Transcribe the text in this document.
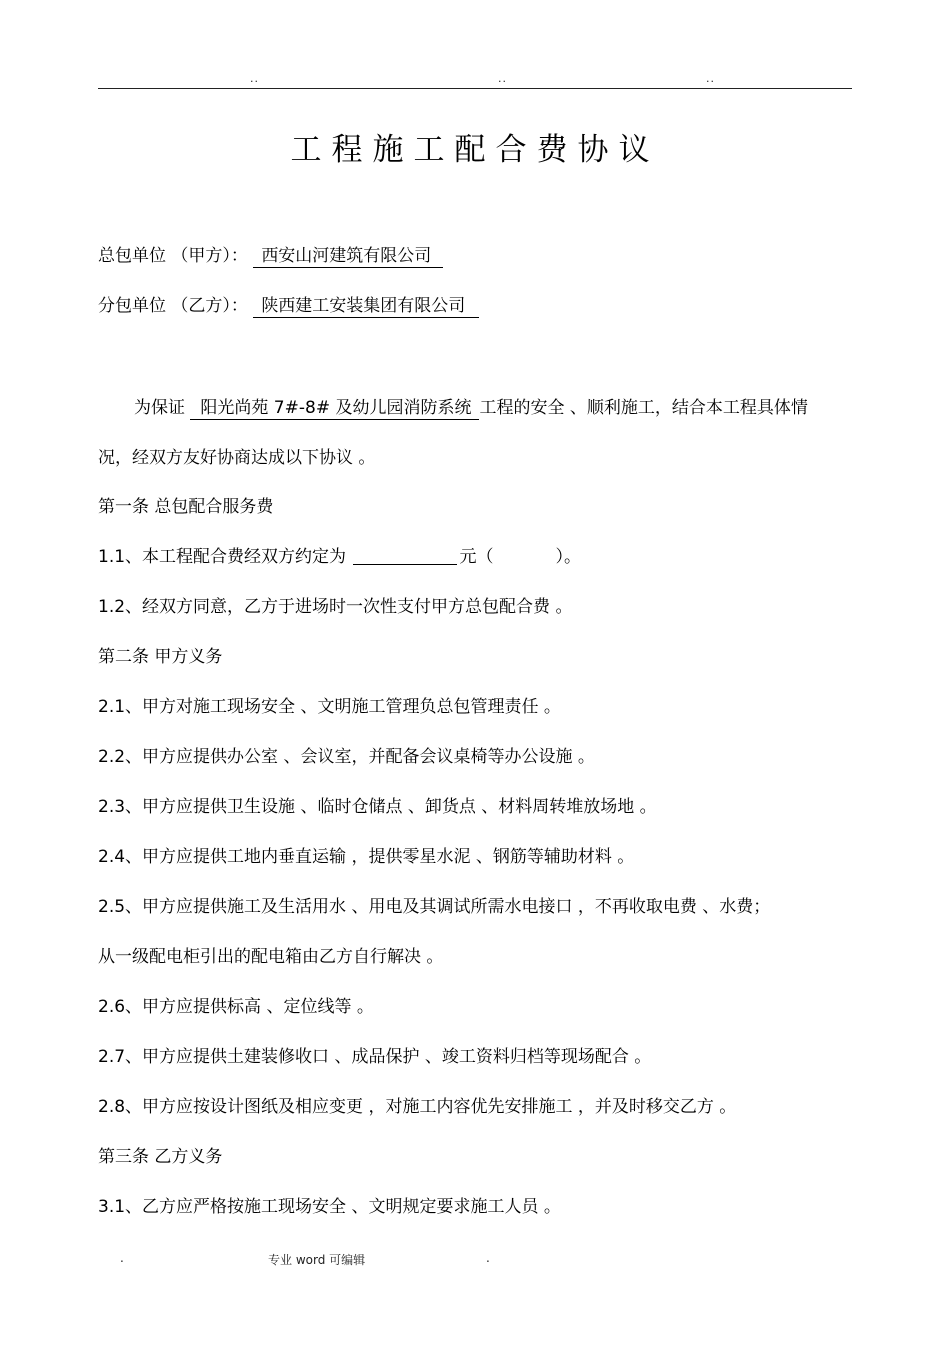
..	..	..
工程施工配合费协议
总包单位 （甲方）： 西安山河建筑有限公司
分包单位 （乙方）： 陕西建工安装集团有限公司
为保证 阳光尚苑 7#-8# 及幼儿园消防系统 工程的安全 、顺利施工，结合本工程具体情
况，经双方友好协商达成以下协议 。
第一条 总包配合服务费
1.1、本工程配合费经双方约定为	元（	）。
1.2、经双方同意，乙方于进场时一次性支付甲方总包配合费 。
第二条 甲方义务
2.1、甲方对施工现场安全 、文明施工管理负总包管理责任 。
2.2、甲方应提供办公室 、会议室，并配备会议桌椅等办公设施 。
2.3、甲方应提供卫生设施 、临时仓储点 、卸货点 、材料周转堆放场地 。
2.4、甲方应提供工地内垂直运输 ，提供零星水泥 、钢筋等辅助材料 。
2.5、甲方应提供施工及生活用水 、用电及其调试所需水电接口 ，不再收取电费 、水费；
从一级配电柜引出的配电箱由乙方自行解决 。
2.6、甲方应提供标高 、定位线等 。
2.7、甲方应提供土建装修收口 、成品保护 、竣工资料归档等现场配合 。
2.8、甲方应按设计图纸及相应变更 ，对施工内容优先安排施工 ，并及时移交乙方 。
第三条 乙方义务
3.1、乙方应严格按施工现场安全 、文明规定要求施工人员 。
.	专业 word 可编辑	.
